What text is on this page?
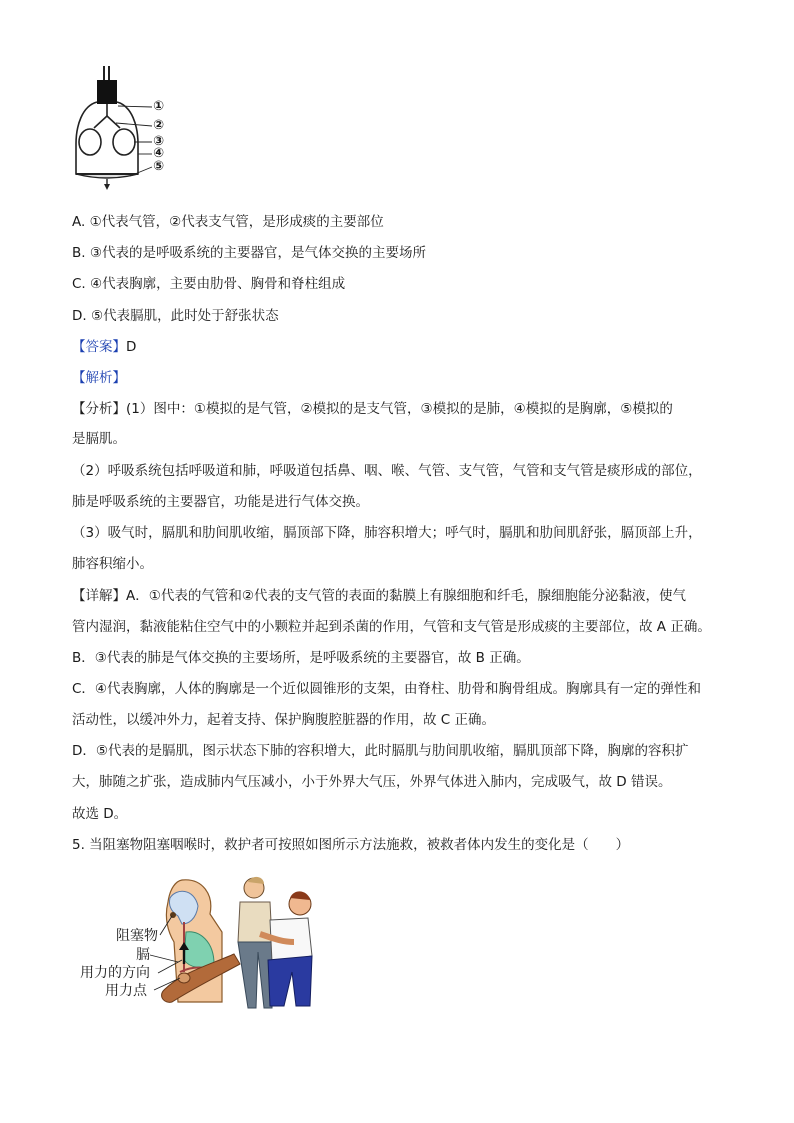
①
②
③
④
⑤
A. ①代表气管，②代表支气管，是形成痰的主要部位
B. ③代表的是呼吸系统的主要器官，是气体交换的主要场所
C. ④代表胸廓，主要由肋骨、胸骨和脊柱组成
D. ⑤代表膈肌，此时处于舒张状态
【答案】D
【解析】
【分析】(1）图中：①模拟的是气管，②模拟的是支气管，③模拟的是肺，④模拟的是胸廓，⑤模拟的
是膈肌。
（2）呼吸系统包括呼吸道和肺，呼吸道包括鼻、咽、喉、气管、支气管，气管和支气管是痰形成的部位，
肺是呼吸系统的主要器官，功能是进行气体交换。
（3）吸气时，膈肌和肋间肌收缩，膈顶部下降，肺容积增大；呼气时，膈肌和肋间肌舒张，膈顶部上升，
肺容积缩小。
【详解】A．①代表的气管和②代表的支气管的表面的黏膜上有腺细胞和纤毛，腺细胞能分泌黏液，使气
管内湿润，黏液能粘住空气中的小颗粒并起到杀菌的作用，气管和支气管是形成痰的主要部位，故 A 正确。
B．③代表的肺是气体交换的主要场所，是呼吸系统的主要器官，故 B 正确。
C．④代表胸廓，人体的胸廓是一个近似圆锥形的支架，由脊柱、肋骨和胸骨组成。胸廓具有一定的弹性和
活动性，以缓冲外力，起着支持、保护胸腹腔脏器的作用，故 C 正确。
D．⑤代表的是膈肌，图示状态下肺的容积增大，此时膈肌与肋间肌收缩，膈肌顶部下降，胸廓的容积扩
大，肺随之扩张，造成肺内气压减小，小于外界大气压，外界气体进入肺内，完成吸气，故 D 错误。
故选 D。
5. 当阻塞物阻塞咽喉时，救护者可按照如图所示方法施救，被救者体内发生的变化是（　　）
阻塞物
膈
用力的方向
用力点
